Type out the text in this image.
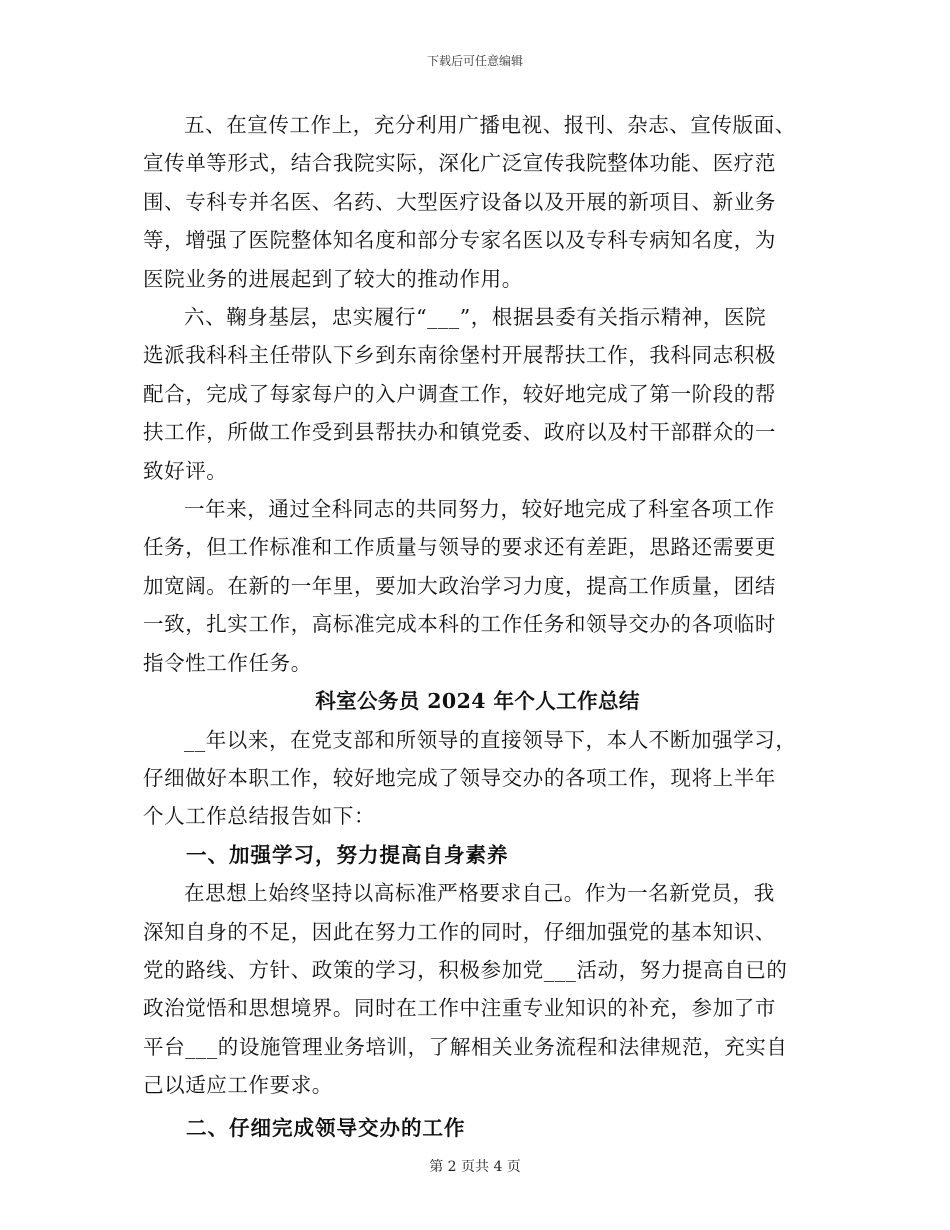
下载后可任意编辑

五、在宣传工作上，充分利用广播电视、报刊、杂志、宣传版面、
宣传单等形式，结合我院实际，深化广泛宣传我院整体功能、医疗范
围、专科专并名医、名药、大型医疗设备以及开展的新项目、新业务
等，增强了医院整体知名度和部分专家名医以及专科专病知名度，为
医院业务的进展起到了较大的推动作用。

六、鞠身基层，忠实履行“___”，根据县委有关指示精神，医院
选派我科科主任带队下乡到东南徐堡村开展帮扶工作，我科同志积极
配合，完成了每家每户的入户调查工作，较好地完成了第一阶段的帮
扶工作，所做工作受到县帮扶办和镇党委、政府以及村干部群众的一
致好评。

一年来，通过全科同志的共同努力，较好地完成了科室各项工作
任务，但工作标准和工作质量与领导的要求还有差距，思路还需要更
加宽阔。在新的一年里，要加大政治学习力度，提高工作质量，团结
一致，扎实工作，高标准完成本科的工作任务和领导交办的各项临时
指令性工作任务。

科室公务员 2024 年个人工作总结

__年以来，在党支部和所领导的直接领导下，本人不断加强学习，
仔细做好本职工作，较好地完成了领导交办的各项工作，现将上半年
个人工作总结报告如下：

一、加强学习，努力提高自身素养

在思想上始终坚持以高标准严格要求自己。作为一名新党员，我
深知自身的不足，因此在努力工作的同时，仔细加强党的基本知识、
党的路线、方针、政策的学习，积极参加党___活动，努力提高自已的
政治觉悟和思想境界。同时在工作中注重专业知识的补充，参加了市
平台___的设施管理业务培训，了解相关业务流程和法律规范，充实自
己以适应工作要求。

二、仔细完成领导交办的工作

第 2 页共 4 页
